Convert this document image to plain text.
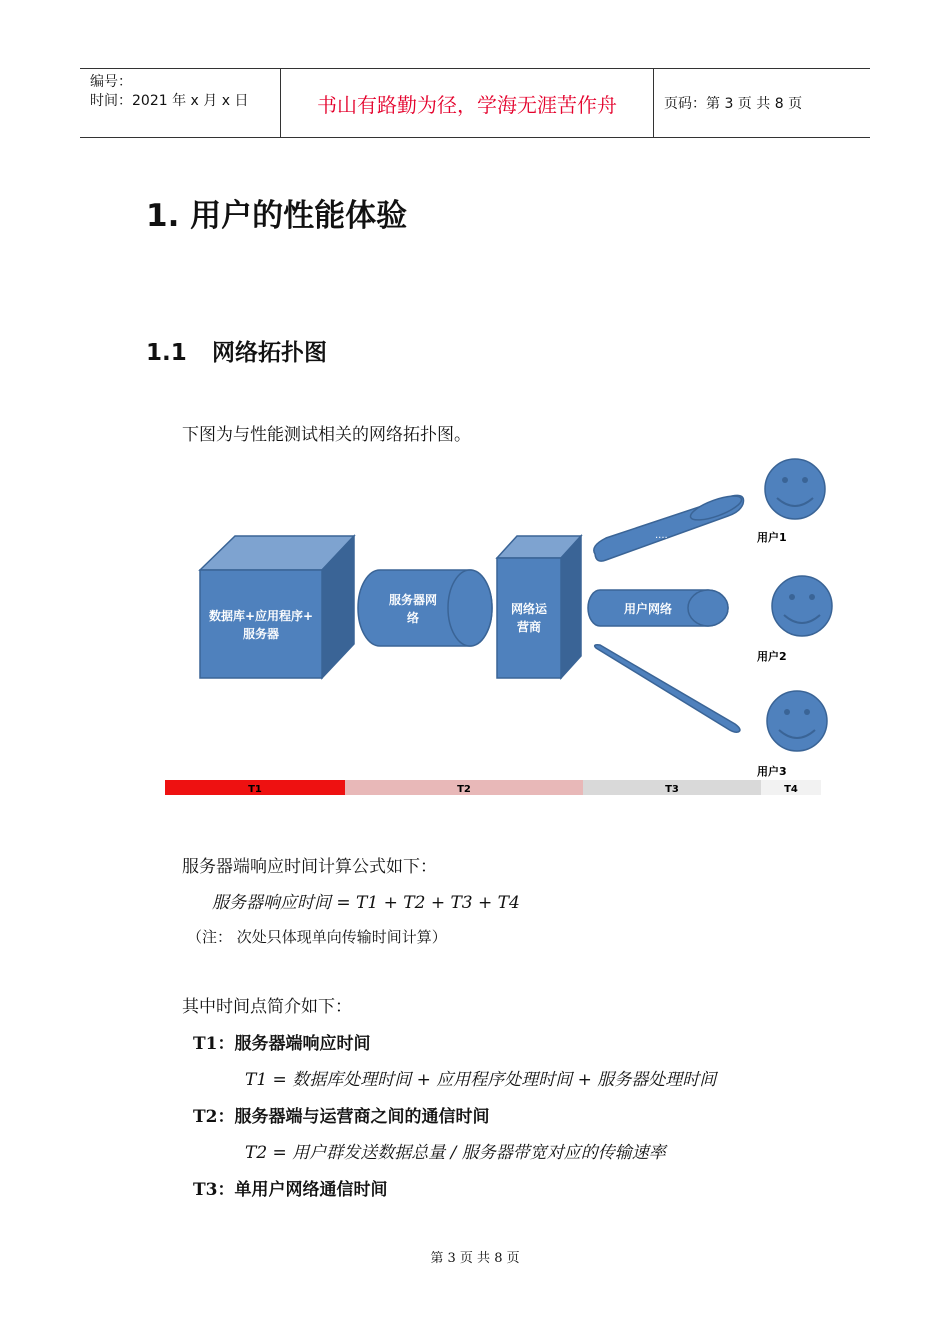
编号：
时间：2021 年 x 月 x 日	书山有路勤为径，学海无涯苦作舟	页码：第 3 页 共 8 页
1. 用户的性能体验
1.1 网络拓扑图
下图为与性能测试相关的网络拓扑图。
数据库+应用程序+
服务器
服务器网
络
网络运
营商
....
用户网络
用户1
用户2
用户3
T1	T2	T3	T4
服务器端响应时间计算公式如下：
服务器响应时间 = T1 + T2 + T3 + T4
（注： 次处只体现单向传输时间计算）
其中时间点简介如下：
T1：服务器端响应时间
T1 = 数据库处理时间 + 应用程序处理时间 + 服务器处理时间
T2：服务器端与运营商之间的通信时间
T2 = 用户群发送数据总量 / 服务器带宽对应的传输速率
T3：单用户网络通信时间
第 3 页 共 8 页
